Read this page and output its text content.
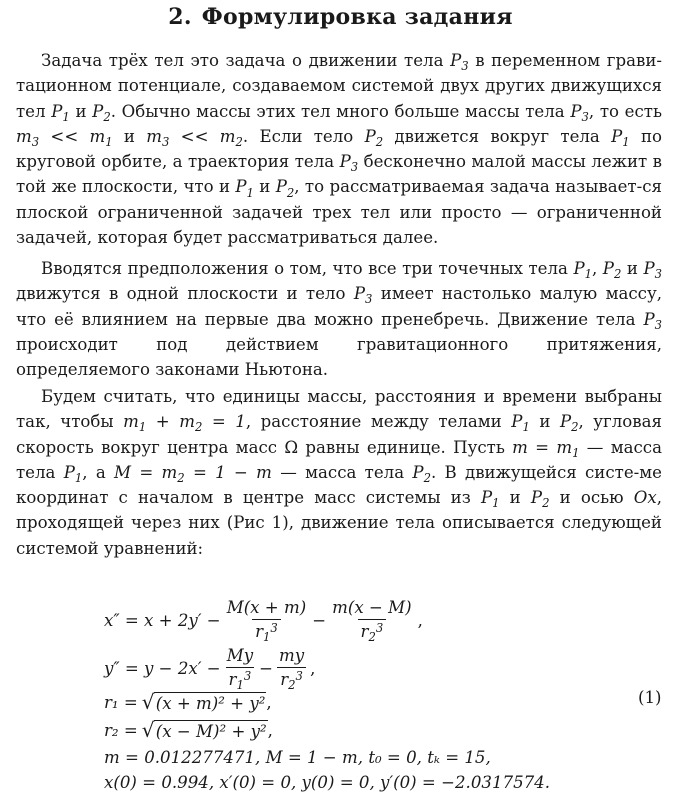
2. Формулировка задания

Задача трёх тел это задача о движении тела $P_3$ в переменном грави-тационном потенциале, создаваемом системой двух других движущихся тел $P_1$ и $P_2$. Обычно массы этих тел много больше массы тела $P_3$, то есть $m_3 << m_1$ и $m_3 << m_2$. Если тело $P_2$ движется вокруг тела $P_1$ по круговой орбите, а траектория тела $P_3$ бесконечно малой массы лежит в той же плоскости, что и $P_1$ и $P_2$, то рассматриваемая задача называет-ся плоской ограниченной задачей трех тел или просто — ограниченной задачей, которая будет рассматриваться далее.

Вводятся предположения о том, что все три точечных тела $P_1$, $P_2$ и $P_3$ движутся в одной плоскости и тело $P_3$ имеет настолько малую массу, что её влиянием на первые два можно пренебречь. Движение тела $P_3$ происходит под действием гравитационного притяжения, определяемого законами Ньютона.

Будем считать, что единицы массы, расстояния и времени выбраны так, чтобы $m_1 + m_2 = 1$, расстояние между телами $P_1$ и $P_2$, угловая скорость вокруг центра масс Ω равны единице. Пусть $m = m_1$ — масса тела $P_1$, а $M = m_2 = 1 - m$ — масса тела $P_2$. В движущейся систе-ме координат с началом в центре масс системы из $P_1$ и $P_2$ и осью Ox, проходящей через них (Рис 1), движение тела описывается следующей системой уравнений:

$x'' = x + 2y' - \frac{M(x + m)}{r_1^3} - \frac{m(x - M)}{r_2^3}$ ,
$y'' = y - 2x' - \frac{My}{r_1^3} - \frac{my}{r_2^3}$ ,
r₁ = √ (x + m)² + y² ,
r₂ = √ (x − M)² + y² ,
m = 0.012277471, M = 1 − m, t₀ = 0, tₖ = 15,
x(0) = 0.994, x′(0) = 0, y(0) = 0, y′(0) = −2.0317574.
(1)
